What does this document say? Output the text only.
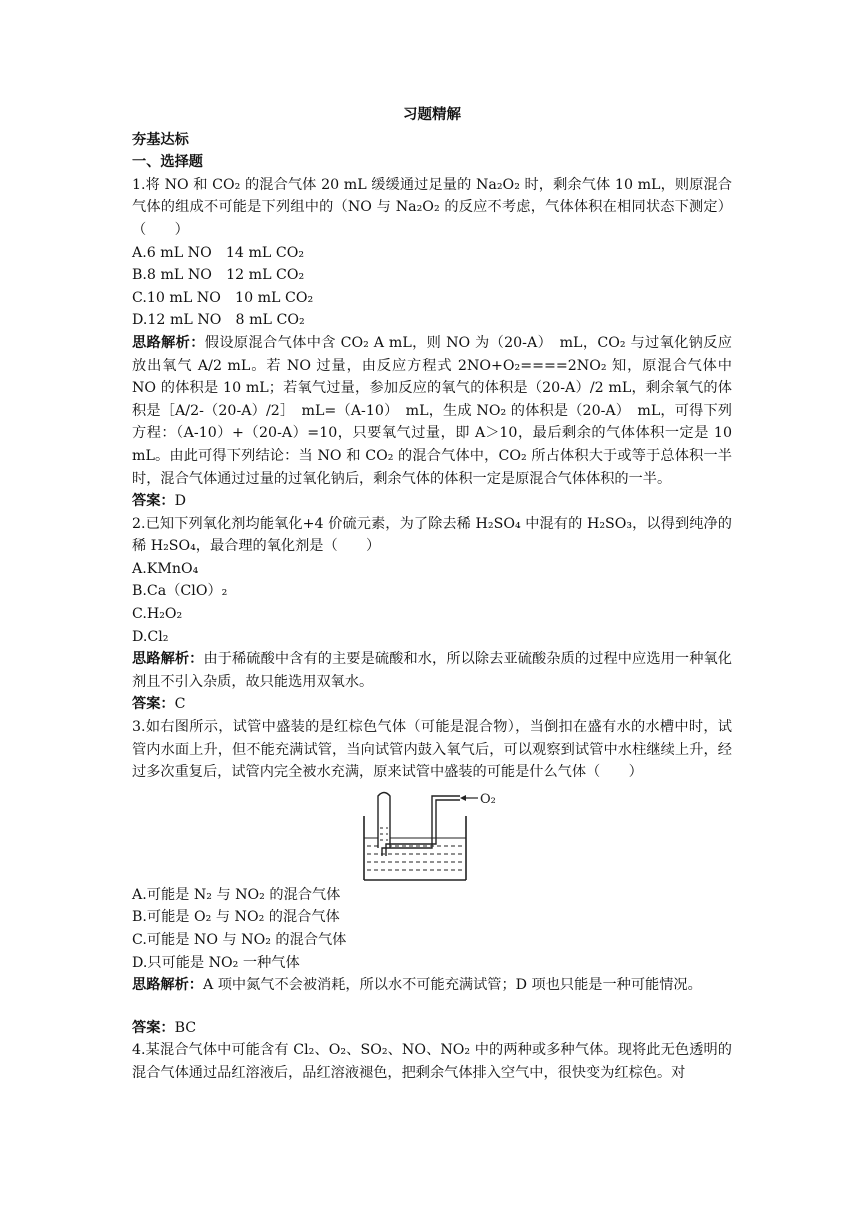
习题精解
夯基达标
一、选择题
1.将 NO 和 CO₂ 的混合气体 20 mL 缓缓通过足量的 Na₂O₂ 时，剩余气体 10 mL，则原混合气体的组成不可能是下列组中的（NO 与 Na₂O₂ 的反应不考虑，气体体积在相同状态下测定）（　　）
A.6 mL NO　14 mL CO₂
B.8 mL NO　12 mL CO₂
C.10 mL NO　10 mL CO₂
D.12 mL NO　8 mL CO₂
思路解析：假设原混合气体中含 CO₂ A mL，则 NO 为（20-A）　mL，CO₂ 与过氧化钠反应放出氧气 A/2 mL。若 NO 过量，由反应方程式 2NO+O₂====2NO₂ 知，原混合气体中 NO 的体积是 10 mL；若氧气过量，参加反应的氧气的体积是（20-A）/2 mL，剩余氧气的体积是［A/2-（20-A）/2］　mL=（A-10）　mL，生成 NO₂ 的体积是（20-A）　mL，可得下列方程：（A-10）+（20-A）=10，只要氧气过量，即 A＞10，最后剩余的气体体积一定是 10 mL。由此可得下列结论：当 NO 和 CO₂ 的混合气体中，CO₂ 所占体积大于或等于总体积一半时，混合气体通过过量的过氧化钠后，剩余气体的体积一定是原混合气体体积的一半。
答案：D
2.已知下列氧化剂均能氧化+4 价硫元素，为了除去稀 H₂SO₄ 中混有的 H₂SO₃，以得到纯净的稀 H₂SO₄，最合理的氧化剂是（　　）
A.KMnO₄
B.Ca（ClO）₂
C.H₂O₂
D.Cl₂
思路解析：由于稀硫酸中含有的主要是硫酸和水，所以除去亚硫酸杂质的过程中应选用一种氧化剂且不引入杂质，故只能选用双氧水。
答案：C
3.如右图所示，试管中盛装的是红棕色气体（可能是混合物），当倒扣在盛有水的水槽中时，试管内水面上升，但不能充满试管，当向试管内鼓入氧气后，可以观察到试管中水柱继续上升，经过多次重复后，试管内完全被水充满，原来试管中盛装的可能是什么气体（　　）
O₂
A.可能是 N₂ 与 NO₂ 的混合气体
B.可能是 O₂ 与 NO₂ 的混合气体
C.可能是 NO 与 NO₂ 的混合气体
D.只可能是 NO₂ 一种气体
思路解析：A 项中氮气不会被消耗，所以水不可能充满试管；D 项也只能是一种可能情况。
答案：BC
4.某混合气体中可能含有 Cl₂、O₂、SO₂、NO、NO₂ 中的两种或多种气体。现将此无色透明的混合气体通过品红溶液后，品红溶液褪色，把剩余气体排入空气中，很快变为红棕色。对
